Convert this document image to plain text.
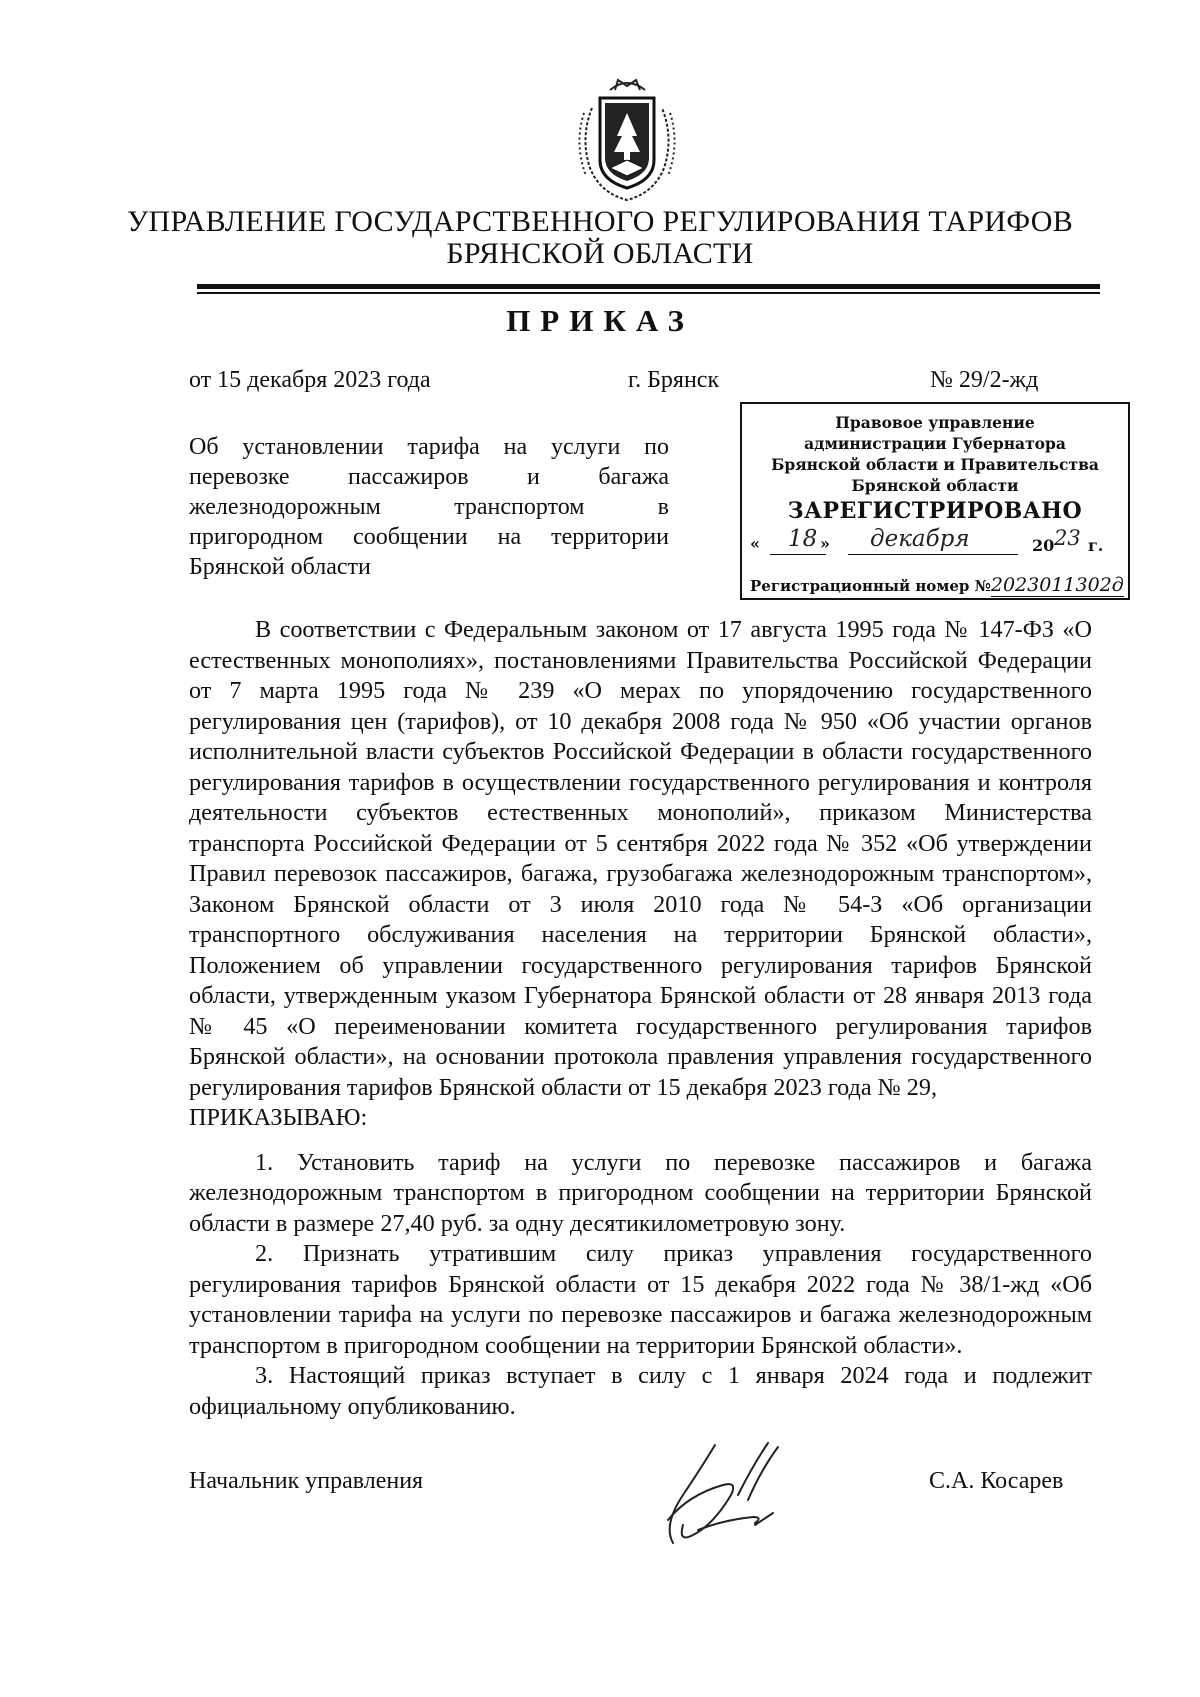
УПРАВЛЕНИЕ ГОСУДАРСТВЕННОГО РЕГУЛИРОВАНИЯ ТАРИФОВ
БРЯНСКОЙ ОБЛАСТИ
ПРИКАЗ
от 15 декабря 2023 года	г. Брянск	№ 29/2-жд
Об установлении тарифа на услуги по перевозке пассажиров и багажа железнодорожным транспортом в пригородном сообщении на территории Брянской области
Правовое управление
администрации Губернатора
Брянской области и Правительства
Брянской области
ЗАРЕГИСТРИРОВАНО
« 18 » декабря	20 23 г.
Регистрационный номер №2023011302д

В соответствии с Федеральным законом от 17 августа 1995 года № 147-ФЗ «О естественных монополиях», постановлениями Правительства Российской Федерации от 7 марта 1995 года № 239 «О мерах по упорядочению государственного регулирования цен (тарифов), от 10 декабря 2008 года № 950 «Об участии органов исполнительной власти субъектов Российской Федерации в области государственного регулирования тарифов в осуществлении государственного регулирования и контроля деятельности субъектов естественных монополий», приказом Министерства транспорта Российской Федерации от 5 сентября 2022 года № 352 «Об утверждении Правил перевозок пассажиров, багажа, грузобагажа железнодорожным транспортом», Законом Брянской области от 3 июля 2010 года № 54-З «Об организации транспортного обслуживания населения на территории Брянской области», Положением об управлении государственного регулирования тарифов Брянской области, утвержденным указом Губернатора Брянской области от 28 января 2013 года № 45 «О переименовании комитета государственного регулирования тарифов Брянской области», на основании протокола правления управления государственного регулирования тарифов Брянской области от 15 декабря 2023 года № 29,

ПРИКАЗЫВАЮ:

1. Установить тариф на услуги по перевозке пассажиров и багажа железнодорожным транспортом в пригородном сообщении на территории Брянской области в размере 27,40 руб. за одну десятикилометровую зону.

2. Признать утратившим силу приказ управления государственного регулирования тарифов Брянской области от 15 декабря 2022 года № 38/1-жд «Об установлении тарифа на услуги по перевозке пассажиров и багажа железнодорожным транспортом в пригородном сообщении на территории Брянской области».

3. Настоящий приказ вступает в силу с 1 января 2024 года и подлежит официальному опубликованию.

Начальник управления	С.А. Косарев
